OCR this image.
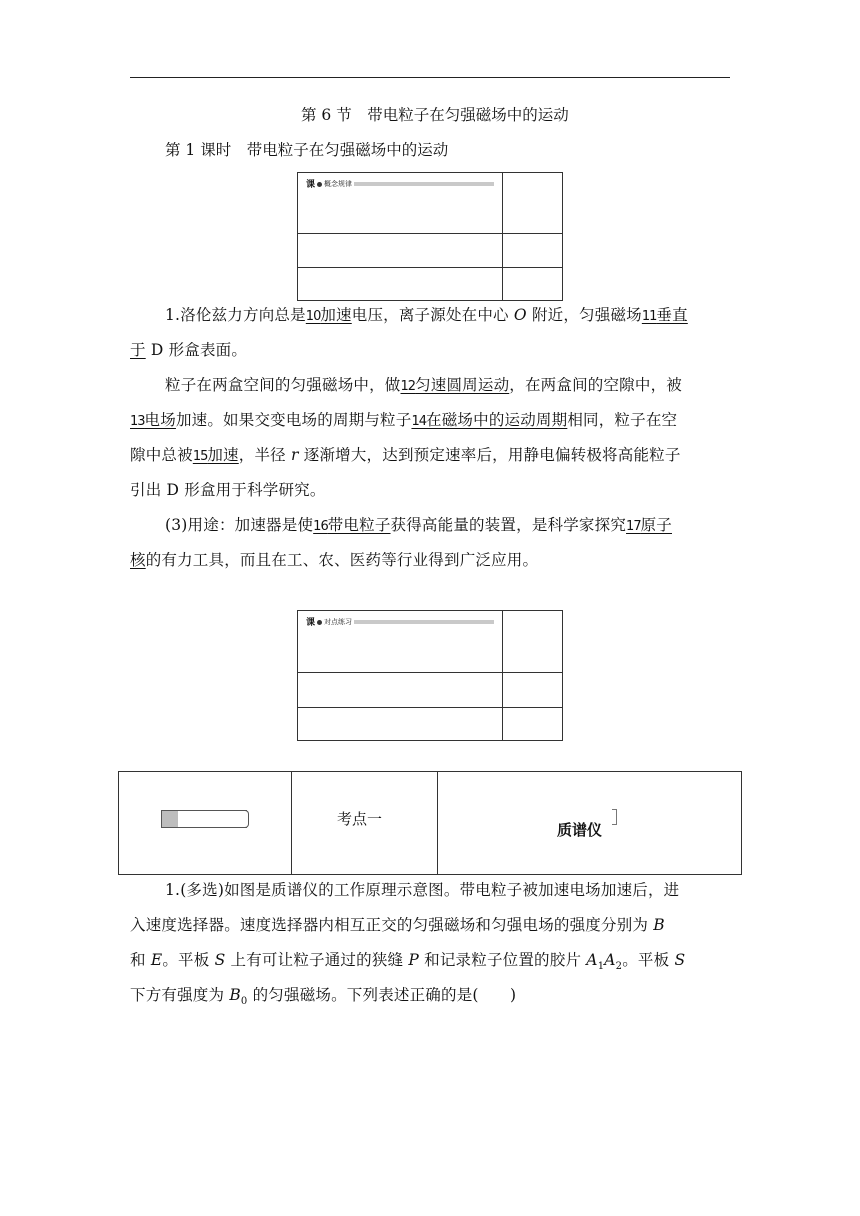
第 6 节　带电粒子在匀强磁场中的运动
第 1 课时　带电粒子在匀强磁场中的运动
课 概念规律
1.洛伦兹力方向总是10加速电压，离子源处在中心 O 附近，匀强磁场11垂直
于 D 形盒表面。
粒子在两盒空间的匀强磁场中，做12匀速圆周运动，在两盒间的空隙中，被
13电场加速。如果交变电场的周期与粒子14在磁场中的运动周期相同，粒子在空
隙中总被15加速，半径 r 逐渐增大，达到预定速率后，用静电偏转极将高能粒子
引出 D 形盒用于科学研究。
(3)用途：加速器是使16带电粒子获得高能量的装置，是科学家探究17原子
核的有力工具，而且在工、农、医药等行业得到广泛应用。
课 对点练习
考点一
质谱仪
1.(多选)如图是质谱仪的工作原理示意图。带电粒子被加速电场加速后，进
入速度选择器。速度选择器内相互正交的匀强磁场和匀强电场的强度分别为 B
和 E。平板 S 上有可让粒子通过的狭缝 P 和记录粒子位置的胶片 $A_1A_2$。平板 S
下方有强度为 $B_0$ 的匀强磁场。下列表述正确的是(　　)
